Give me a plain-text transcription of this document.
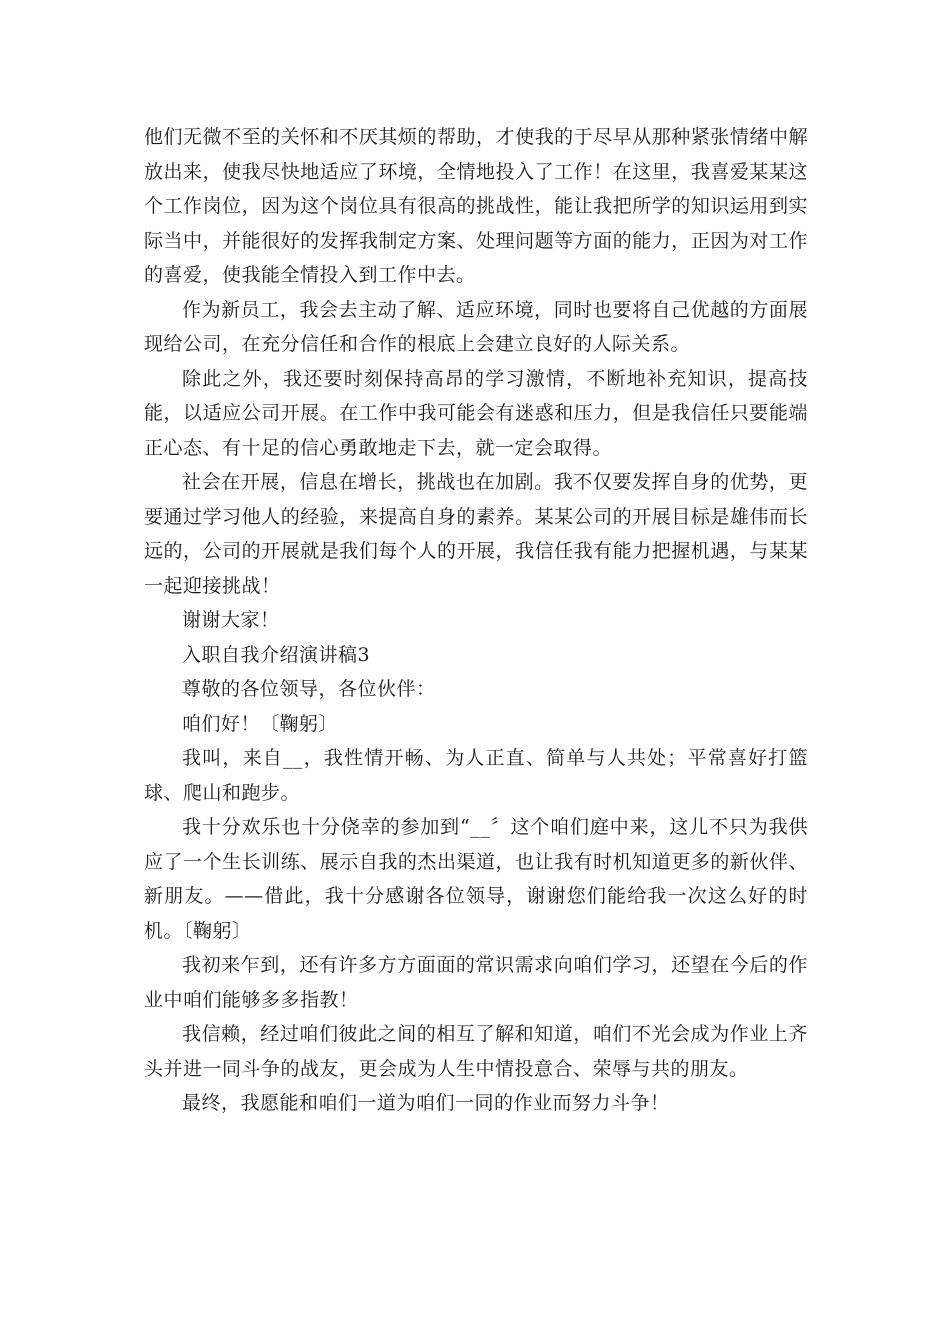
他们无微不至的关怀和不厌其烦的帮助，才使我的于尽早从那种紧张情绪中解放出来，使我尽快地适应了环境，全情地投入了工作！在这里，我喜爱某某这个工作岗位，因为这个岗位具有很高的挑战性，能让我把所学的知识运用到实际当中，并能很好的发挥我制定方案、处理问题等方面的能力，正因为对工作的喜爱，使我能全情投入到工作中去。

作为新员工，我会去主动了解、适应环境，同时也要将自己优越的方面展现给公司，在充分信任和合作的根底上会建立良好的人际关系。

除此之外，我还要时刻保持高昂的学习激情，不断地补充知识，提高技能，以适应公司开展。在工作中我可能会有迷惑和压力，但是我信任只要能端正心态、有十足的信心勇敢地走下去，就一定会取得。

社会在开展，信息在增长，挑战也在加剧。我不仅要发挥自身的优势，更要通过学习他人的经验，来提高自身的素养。某某公司的开展目标是雄伟而长远的，公司的开展就是我们每个人的开展，我信任我有能力把握机遇，与某某一起迎接挑战！

谢谢大家！

入职自我介绍演讲稿3

尊敬的各位领导，各位伙伴：

咱们好！〔鞠躬〕

我叫，来自__，我性情开畅、为人正直、简单与人共处；平常喜好打篮球、爬山和跑步。

我十分欢乐也十分侥幸的参加到“__〞这个咱们庭中来，这儿不只为我供应了一个生长训练、展示自我的杰出渠道，也让我有时机知道更多的新伙伴、新朋友。——借此，我十分感谢各位领导，谢谢您们能给我一次这么好的时机。〔鞠躬〕

我初来乍到，还有许多方方面面的常识需求向咱们学习，还望在今后的作业中咱们能够多多指教！

我信赖，经过咱们彼此之间的相互了解和知道，咱们不光会成为作业上齐头并进一同斗争的战友，更会成为人生中情投意合、荣辱与共的朋友。

最终，我愿能和咱们一道为咱们一同的作业而努力斗争！
